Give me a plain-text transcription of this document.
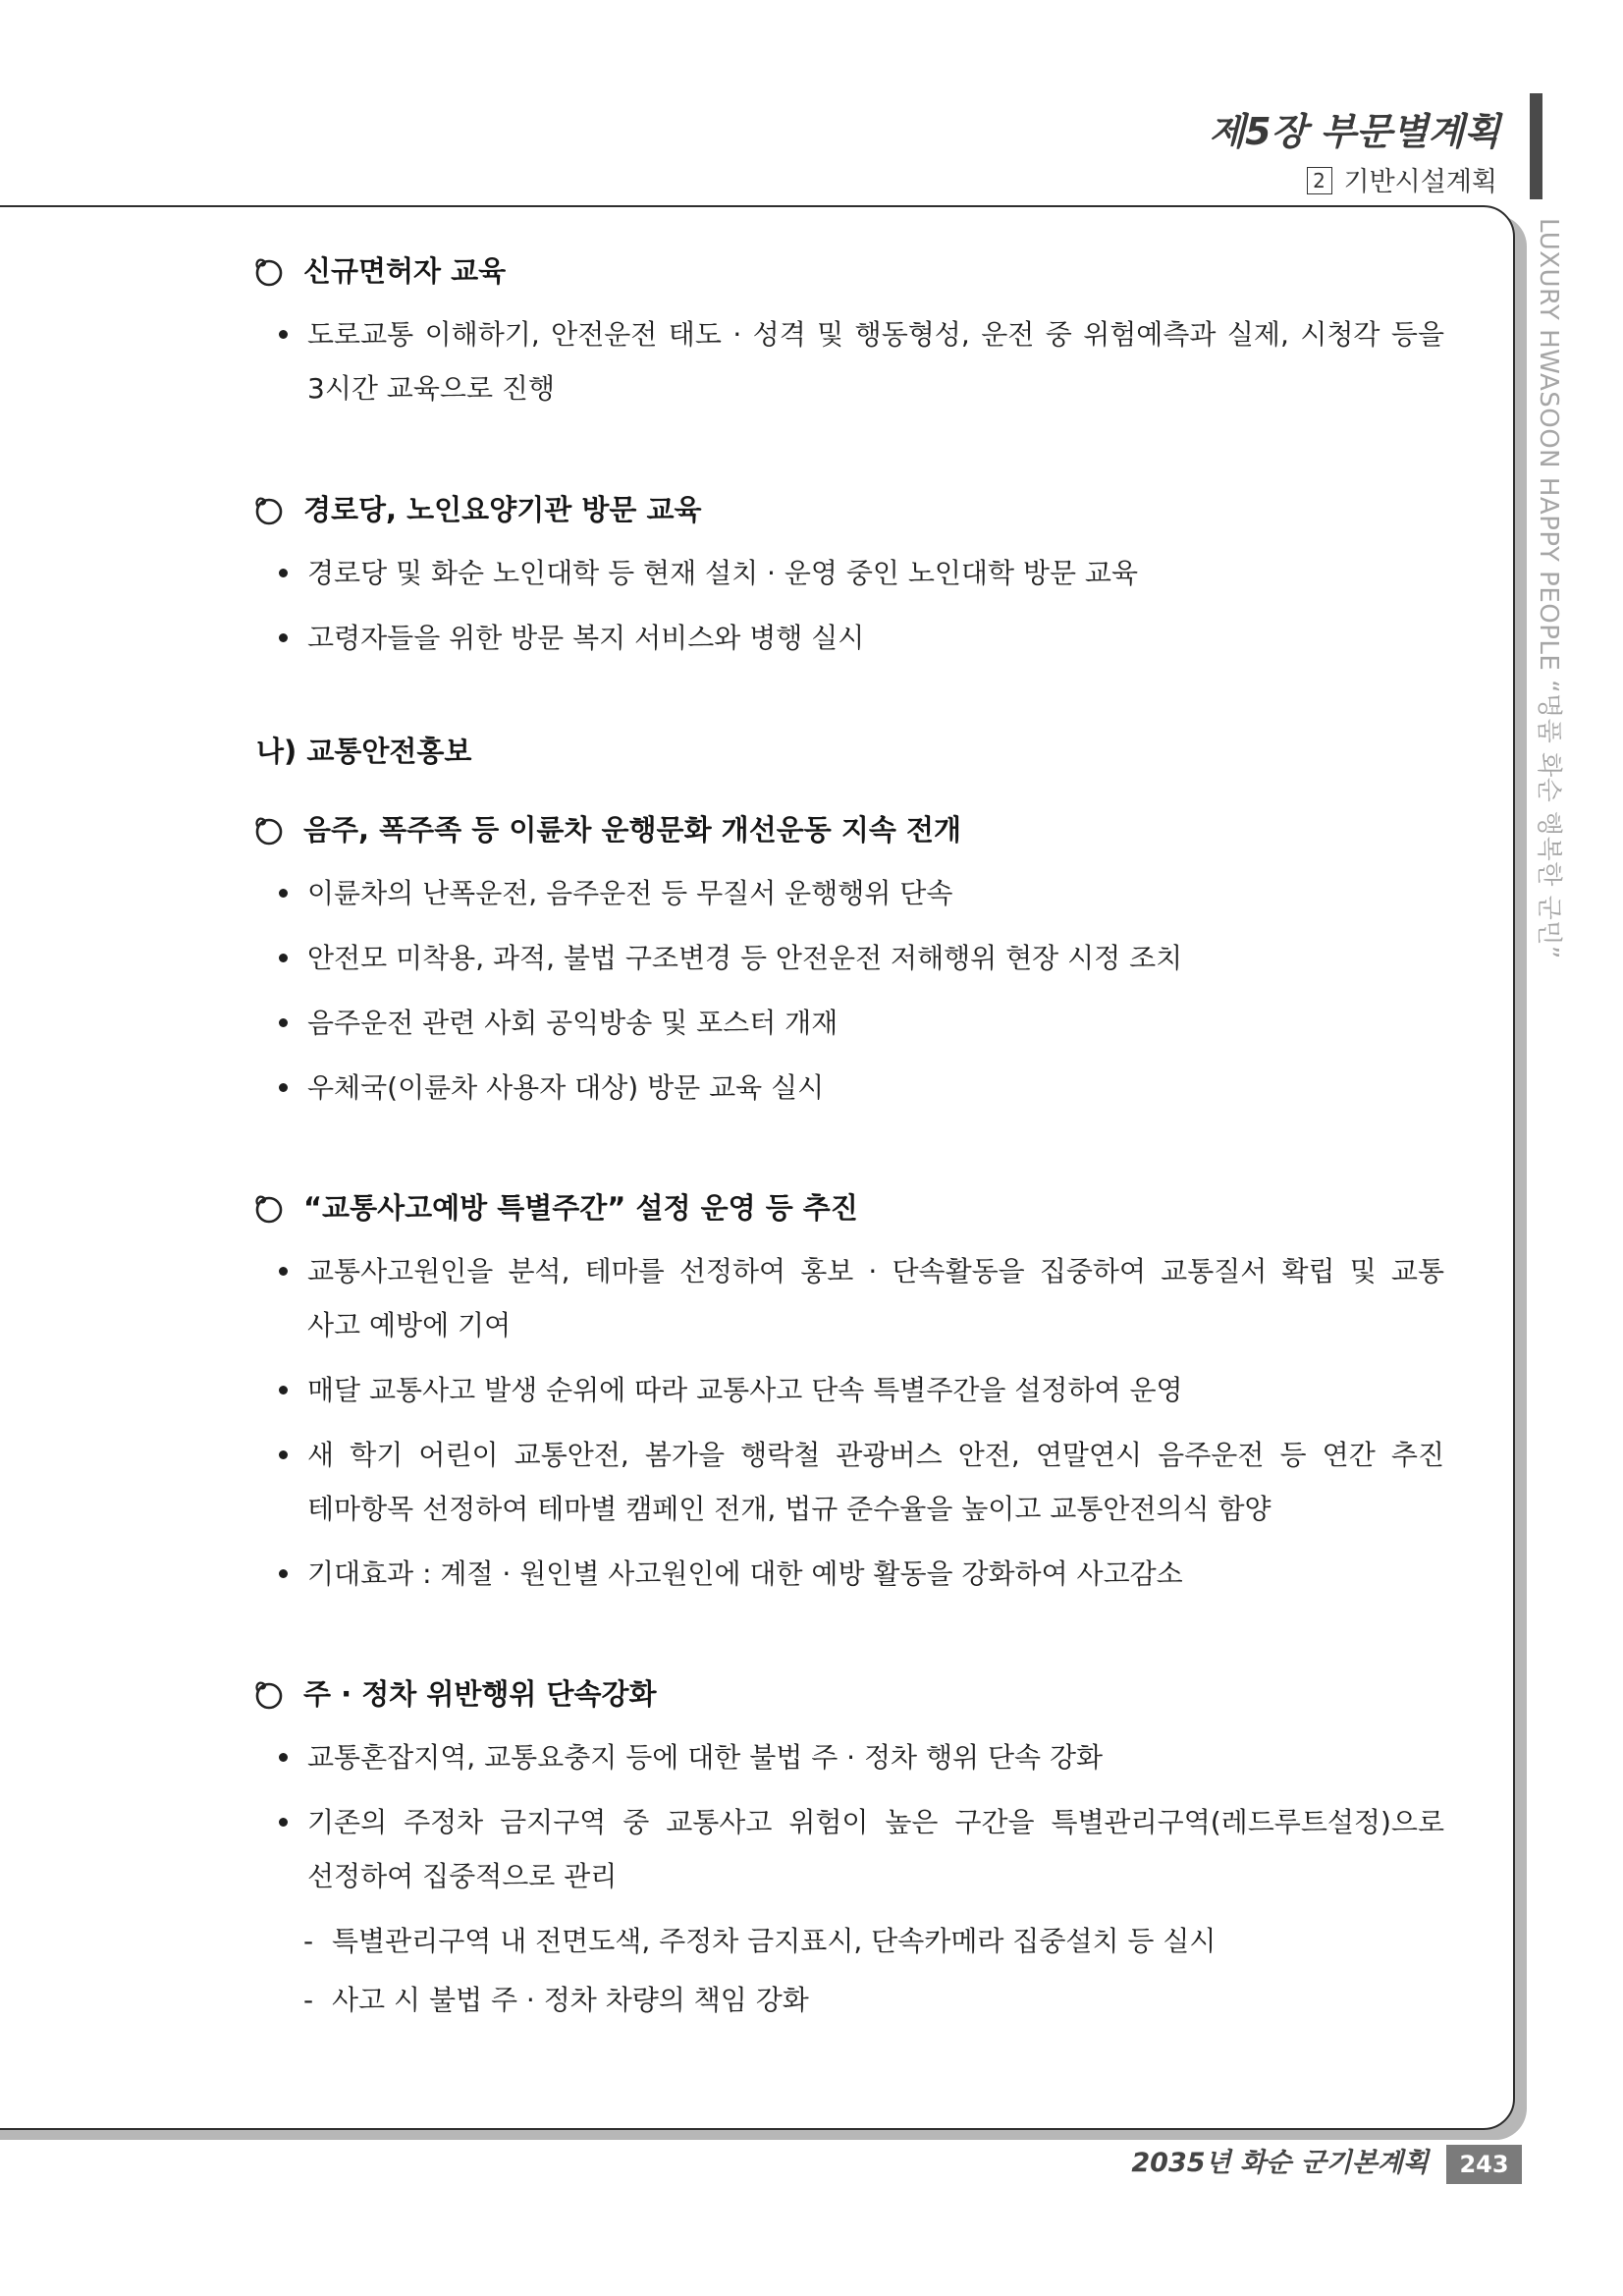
제5장 부문별계획
2 기반시설계획
LUXURY HWASOON HAPPY PEOPLE “명품 화순 행복한 군민”
신규면허자 교육
도로교통 이해하기, 안전운전 태도 · 성격 및 행동형성, 운전 중 위험예측과 실제, 시청각 등을
3시간 교육으로 진행
경로당, 노인요양기관 방문 교육
경로당 및 화순 노인대학 등 현재 설치 · 운영 중인 노인대학 방문 교육
고령자들을 위한 방문 복지 서비스와 병행 실시
나) 교통안전홍보
음주, 폭주족 등 이륜차 운행문화 개선운동 지속 전개
이륜차의 난폭운전, 음주운전 등 무질서 운행행위 단속
안전모 미착용, 과적, 불법 구조변경 등 안전운전 저해행위 현장 시정 조치
음주운전 관련 사회 공익방송 및 포스터 개재
우체국(이륜차 사용자 대상) 방문 교육 실시
“교통사고예방 특별주간” 설정 운영 등 추진
교통사고원인을 분석, 테마를 선정하여 홍보 · 단속활동을 집중하여 교통질서 확립 및 교통
사고 예방에 기여
매달 교통사고 발생 순위에 따라 교통사고 단속 특별주간을 설정하여 운영
새 학기 어린이 교통안전, 봄가을 행락철 관광버스 안전, 연말연시 음주운전 등 연간 추진
테마항목 선정하여 테마별 캠페인 전개, 법규 준수율을 높이고 교통안전의식 함양
기대효과 : 계절 · 원인별 사고원인에 대한 예방 활동을 강화하여 사고감소
주 · 정차 위반행위 단속강화
교통혼잡지역, 교통요충지 등에 대한 불법 주 · 정차 행위 단속 강화
기존의 주정차 금지구역 중 교통사고 위험이 높은 구간을 특별관리구역(레드루트설정)으로
선정하여 집중적으로 관리
- 특별관리구역 내 전면도색, 주정차 금지표시, 단속카메라 집중설치 등 실시
- 사고 시 불법 주 · 정차 차량의 책임 강화
2035년 화순 군기본계획	243
